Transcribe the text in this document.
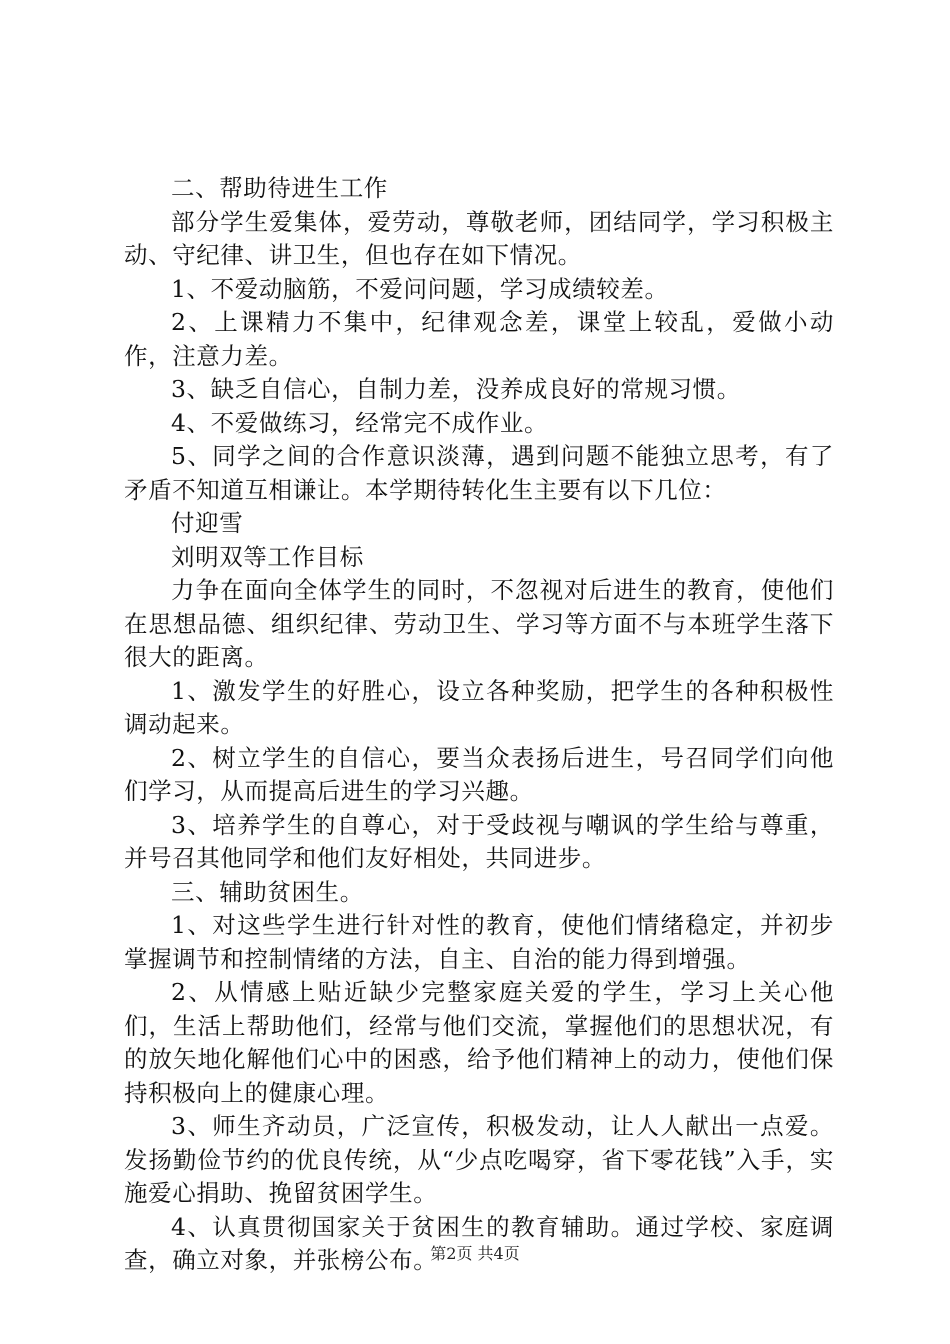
二、帮助待进生工作

部分学生爱集体，爱劳动，尊敬老师，团结同学，学习积极主动、守纪律、讲卫生，但也存在如下情况。

1、不爱动脑筋，不爱问问题，学习成绩较差。

2、上课精力不集中，纪律观念差，课堂上较乱，爱做小动作，注意力差。

3、缺乏自信心，自制力差，没养成良好的常规习惯。

4、不爱做练习，经常完不成作业。

5、同学之间的合作意识淡薄，遇到问题不能独立思考，有了矛盾不知道互相谦让。本学期待转化生主要有以下几位：

付迎雪

刘明双等工作目标

力争在面向全体学生的同时，不忽视对后进生的教育，使他们在思想品德、组织纪律、劳动卫生、学习等方面不与本班学生落下很大的距离。

1、激发学生的好胜心，设立各种奖励，把学生的各种积极性调动起来。

2、树立学生的自信心，要当众表扬后进生，号召同学们向他们学习，从而提高后进生的学习兴趣。

3、培养学生的自尊心，对于受歧视与嘲讽的学生给与尊重，并号召其他同学和他们友好相处，共同进步。

三、辅助贫困生。

1、对这些学生进行针对性的教育，使他们情绪稳定，并初步掌握调节和控制情绪的方法，自主、自治的能力得到增强。

2、从情感上贴近缺少完整家庭关爱的学生，学习上关心他们，生活上帮助他们，经常与他们交流，掌握他们的思想状况，有的放矢地化解他们心中的困惑，给予他们精神上的动力，使他们保持积极向上的健康心理。

3、师生齐动员，广泛宣传，积极发动，让人人献出一点爱。发扬勤俭节约的优良传统，从“少点吃喝穿，省下零花钱”入手，实施爱心捐助、挽留贫困学生。

4、认真贯彻国家关于贫困生的教育辅助。通过学校、家庭调查，确立对象，并张榜公布。

第2页 共4页
